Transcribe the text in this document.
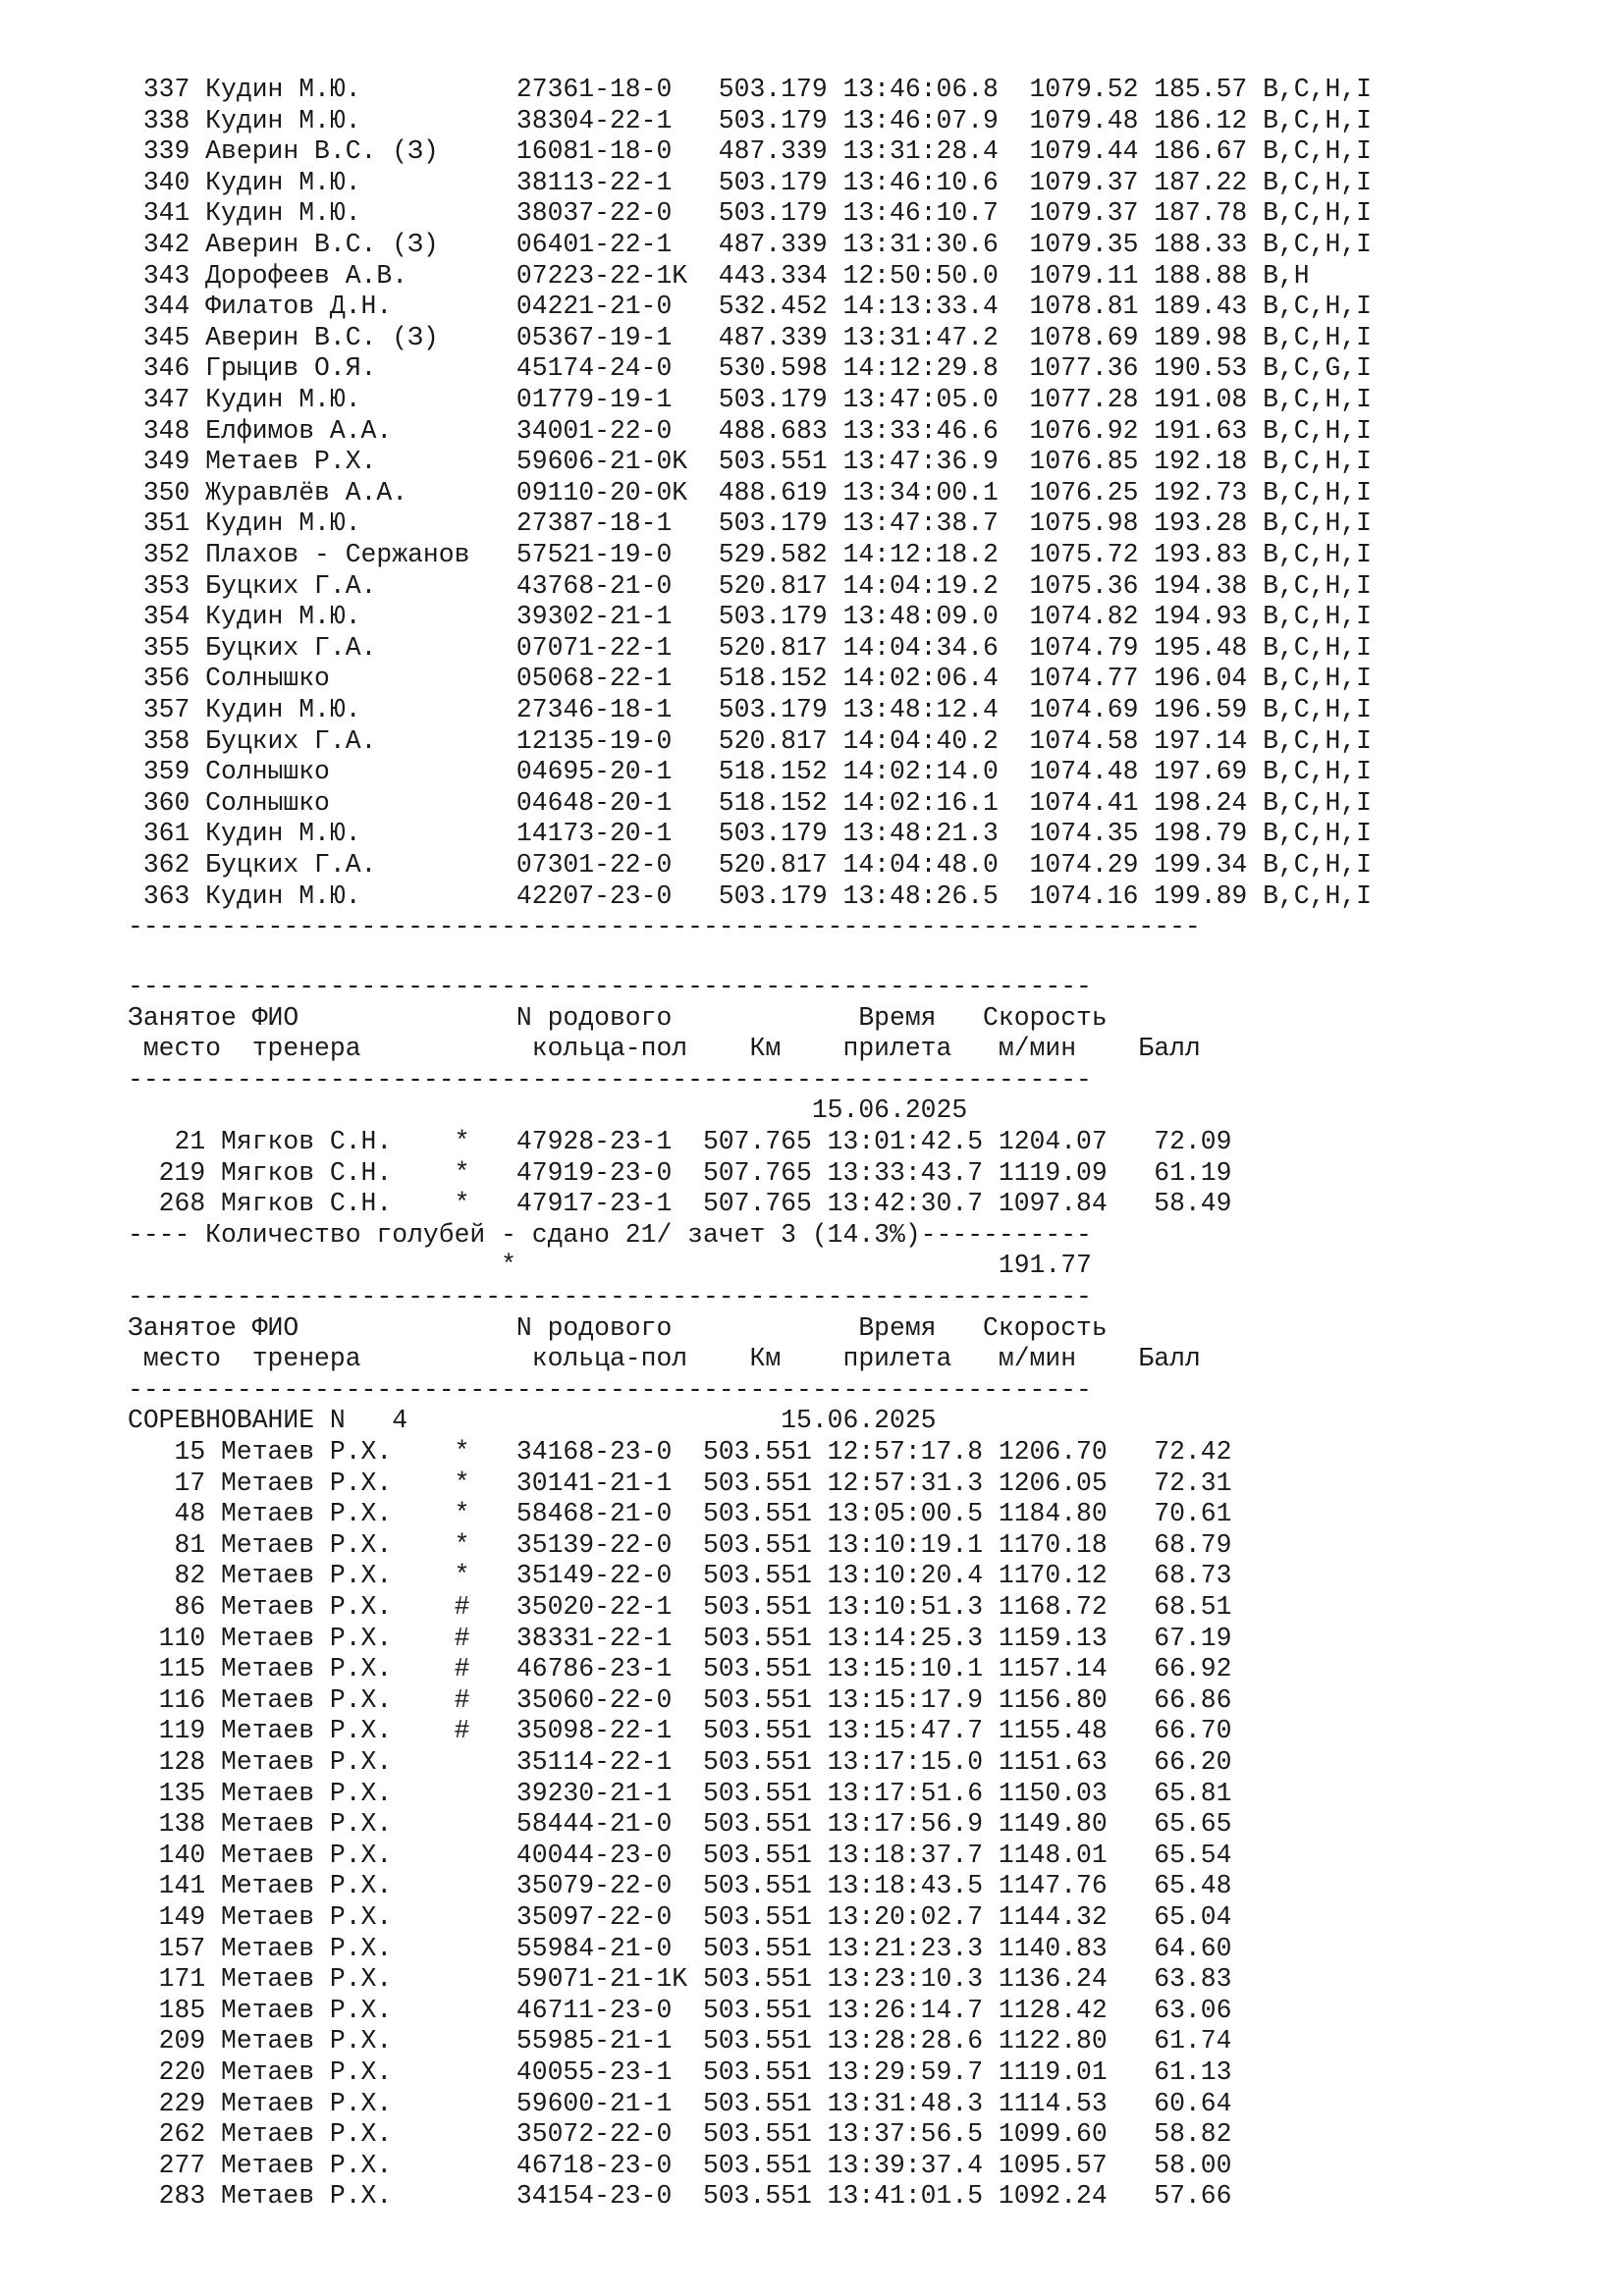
337 Кудин М.Ю.          27361-18-0   503.179 13:46:06.8  1079.52 185.57 B,C,H,I
338 Кудин М.Ю.          38304-22-1   503.179 13:46:07.9  1079.48 186.12 B,C,H,I
339 Аверин В.С. (З)     16081-18-0   487.339 13:31:28.4  1079.44 186.67 B,C,H,I
340 Кудин М.Ю.          38113-22-1   503.179 13:46:10.6  1079.37 187.22 B,C,H,I
341 Кудин М.Ю.          38037-22-0   503.179 13:46:10.7  1079.37 187.78 B,C,H,I
342 Аверин В.С. (З)     06401-22-1   487.339 13:31:30.6  1079.35 188.33 B,C,H,I
343 Дорофеев А.В.       07223-22-1K  443.334 12:50:50.0  1079.11 188.88 B,H
344 Филатов Д.Н.        04221-21-0   532.452 14:13:33.4  1078.81 189.43 B,C,H,I
345 Аверин В.С. (З)     05367-19-1   487.339 13:31:47.2  1078.69 189.98 B,C,H,I
346 Грыцив О.Я.         45174-24-0   530.598 14:12:29.8  1077.36 190.53 B,C,G,I
347 Кудин М.Ю.          01779-19-1   503.179 13:47:05.0  1077.28 191.08 B,C,H,I
348 Елфимов А.А.        34001-22-0   488.683 13:33:46.6  1076.92 191.63 B,C,H,I
349 Метаев Р.Х.         59606-21-0K  503.551 13:47:36.9  1076.85 192.18 B,C,H,I
350 Журавлёв А.А.       09110-20-0K  488.619 13:34:00.1  1076.25 192.73 B,C,H,I
351 Кудин М.Ю.          27387-18-1   503.179 13:47:38.7  1075.98 193.28 B,C,H,I
352 Плахов - Сержанов   57521-19-0   529.582 14:12:18.2  1075.72 193.83 B,C,H,I
353 Буцких Г.А.         43768-21-0   520.817 14:04:19.2  1075.36 194.38 B,C,H,I
354 Кудин М.Ю.          39302-21-1   503.179 13:48:09.0  1074.82 194.93 B,C,H,I
355 Буцких Г.А.         07071-22-1   520.817 14:04:34.6  1074.79 195.48 B,C,H,I
356 Солнышко            05068-22-1   518.152 14:02:06.4  1074.77 196.04 B,C,H,I
357 Кудин М.Ю.          27346-18-1   503.179 13:48:12.4  1074.69 196.59 B,C,H,I
358 Буцких Г.А.         12135-19-0   520.817 14:04:40.2  1074.58 197.14 B,C,H,I
359 Солнышко            04695-20-1   518.152 14:02:14.0  1074.48 197.69 B,C,H,I
360 Солнышко            04648-20-1   518.152 14:02:16.1  1074.41 198.24 B,C,H,I
361 Кудин М.Ю.          14173-20-1   503.179 13:48:21.3  1074.35 198.79 B,C,H,I
362 Буцких Г.А.         07301-22-0   520.817 14:04:48.0  1074.29 199.34 B,C,H,I
363 Кудин М.Ю.          42207-23-0   503.179 13:48:26.5  1074.16 199.89 B,C,H,I
---------------------------------------------------------------------
--------------------------------------------------------------
Занятое ФИО              N родового            Время   Скорость
место  тренера           кольца-пол    Км    прилета   м/мин    Балл
--------------------------------------------------------------
15.06.2025
21 Мягков С.Н.    *   47928-23-1  507.765 13:01:42.5 1204.07   72.09
219 Мягков С.Н.    *   47919-23-0  507.765 13:33:43.7 1119.09   61.19
268 Мягков С.Н.    *   47917-23-1  507.765 13:42:30.7 1097.84   58.49
---- Количество голубей - сдано 21/ зачет 3 (14.3%)-----------
*                               191.77
--------------------------------------------------------------
Занятое ФИО              N родового            Время   Скорость
место  тренера           кольца-пол    Км    прилета   м/мин    Балл
--------------------------------------------------------------
СОРЕВНОВАНИЕ N   4                        15.06.2025
15 Метаев Р.Х.    *   34168-23-0  503.551 12:57:17.8 1206.70   72.42
17 Метаев Р.Х.    *   30141-21-1  503.551 12:57:31.3 1206.05   72.31
48 Метаев Р.Х.    *   58468-21-0  503.551 13:05:00.5 1184.80   70.61
81 Метаев Р.Х.    *   35139-22-0  503.551 13:10:19.1 1170.18   68.79
82 Метаев Р.Х.    *   35149-22-0  503.551 13:10:20.4 1170.12   68.73
86 Метаев Р.Х.    #   35020-22-1  503.551 13:10:51.3 1168.72   68.51
110 Метаев Р.Х.    #   38331-22-1  503.551 13:14:25.3 1159.13   67.19
115 Метаев Р.Х.    #   46786-23-1  503.551 13:15:10.1 1157.14   66.92
116 Метаев Р.Х.    #   35060-22-0  503.551 13:15:17.9 1156.80   66.86
119 Метаев Р.Х.    #   35098-22-1  503.551 13:15:47.7 1155.48   66.70
128 Метаев Р.Х.        35114-22-1  503.551 13:17:15.0 1151.63   66.20
135 Метаев Р.Х.        39230-21-1  503.551 13:17:51.6 1150.03   65.81
138 Метаев Р.Х.        58444-21-0  503.551 13:17:56.9 1149.80   65.65
140 Метаев Р.Х.        40044-23-0  503.551 13:18:37.7 1148.01   65.54
141 Метаев Р.Х.        35079-22-0  503.551 13:18:43.5 1147.76   65.48
149 Метаев Р.Х.        35097-22-0  503.551 13:20:02.7 1144.32   65.04
157 Метаев Р.Х.        55984-21-0  503.551 13:21:23.3 1140.83   64.60
171 Метаев Р.Х.        59071-21-1K 503.551 13:23:10.3 1136.24   63.83
185 Метаев Р.Х.        46711-23-0  503.551 13:26:14.7 1128.42   63.06
209 Метаев Р.Х.        55985-21-1  503.551 13:28:28.6 1122.80   61.74
220 Метаев Р.Х.        40055-23-1  503.551 13:29:59.7 1119.01   61.13
229 Метаев Р.Х.        59600-21-1  503.551 13:31:48.3 1114.53   60.64
262 Метаев Р.Х.        35072-22-0  503.551 13:37:56.5 1099.60   58.82
277 Метаев Р.Х.        46718-23-0  503.551 13:39:37.4 1095.57   58.00
283 Метаев Р.Х.        34154-23-0  503.551 13:41:01.5 1092.24   57.66
